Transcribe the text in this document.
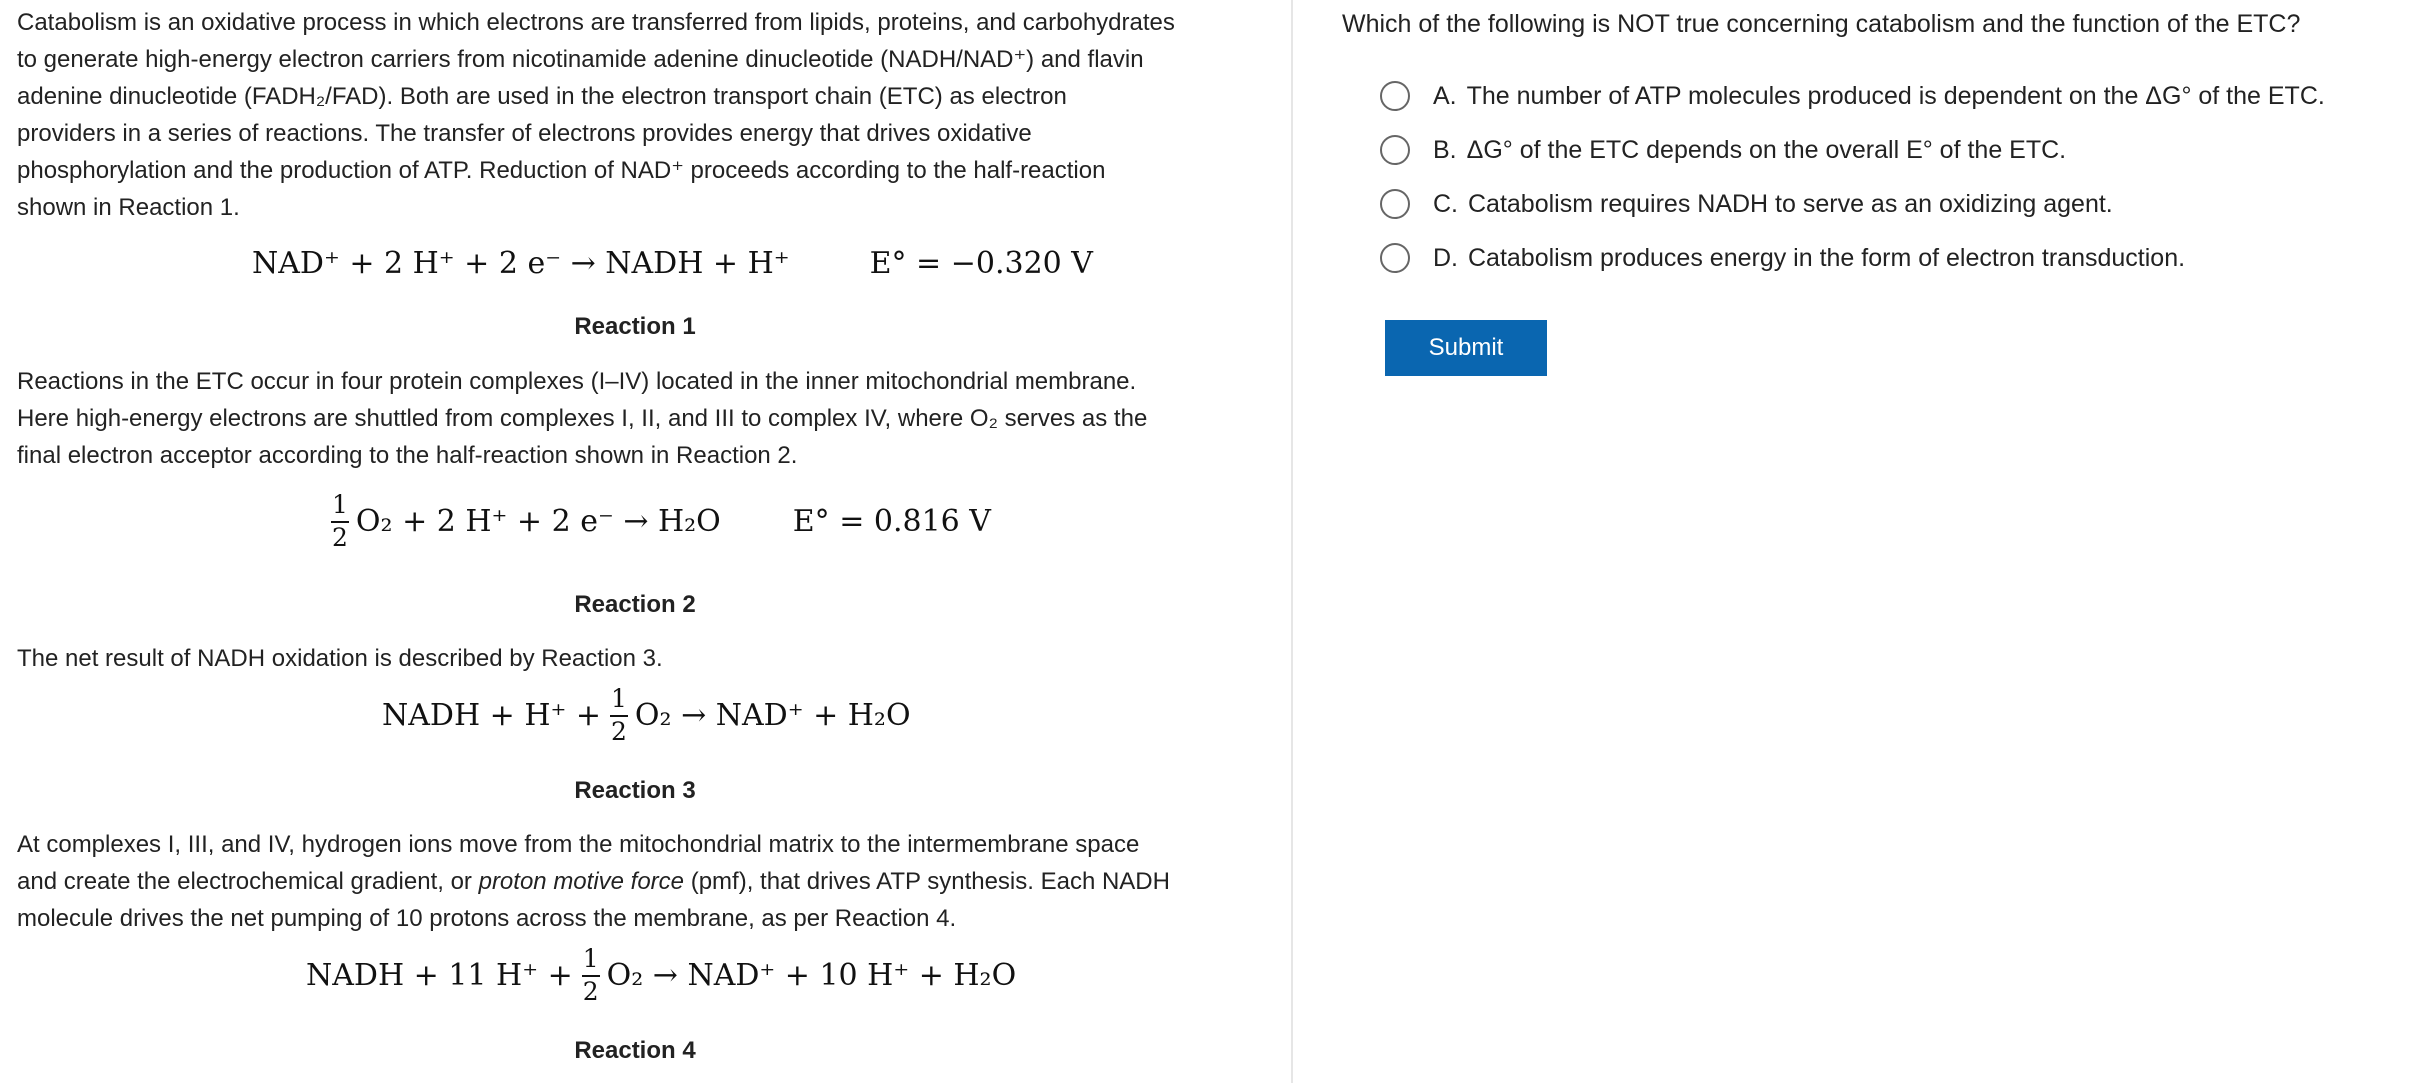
Catabolism is an oxidative process in which electrons are transferred from lipids, proteins, and carbohydrates
to generate high-energy electron carriers from nicotinamide adenine dinucleotide (NADH/NAD⁺) and flavin
adenine dinucleotide (FADH₂/FAD). Both are used in the electron transport chain (ETC) as electron
providers in a series of reactions. The transfer of electrons provides energy that drives oxidative
phosphorylation and the production of ATP. Reduction of NAD⁺ proceeds according to the half-reaction
shown in Reaction 1.
NAD⁺ + 2 H⁺ + 2 e⁻ → NADH + H⁺	E° = −0.320 V
Reaction 1
Reactions in the ETC occur in four protein complexes (I–IV) located in the inner mitochondrial membrane.
Here high-energy electrons are shuttled from complexes I, II, and III to complex IV, where O₂ serves as the
final electron acceptor according to the half-reaction shown in Reaction 2.
$\frac{1}{2} O_2 + 2$ H⁺ + 2 e⁻ → H₂O E° = 0.816 V
Reaction 2
The net result of NADH oxidation is described by Reaction 3.
NADH + $H^+ + \frac{1}{2} O_2 \to NAD^+ + H_2O$
Reaction 3
At complexes I, III, and IV, hydrogen ions move from the mitochondrial matrix to the intermembrane space
and create the electrochemical gradient, or proton motive force (pmf), that drives ATP synthesis. Each NADH
molecule drives the net pumping of 10 protons across the membrane, as per Reaction 4.
NADH + 11 $H^+ + \frac{1}{2} O_2 \to NAD^+ + 10$ H⁺ + H₂O
Reaction 4
Which of the following is NOT true concerning catabolism and the function of the ETC?
A. The number of ATP molecules produced is dependent on the ΔG° of the ETC.
B. ΔG° of the ETC depends on the overall E° of the ETC.
C. Catabolism requires NADH to serve as an oxidizing agent.
D. Catabolism produces energy in the form of electron transduction.
Submit
